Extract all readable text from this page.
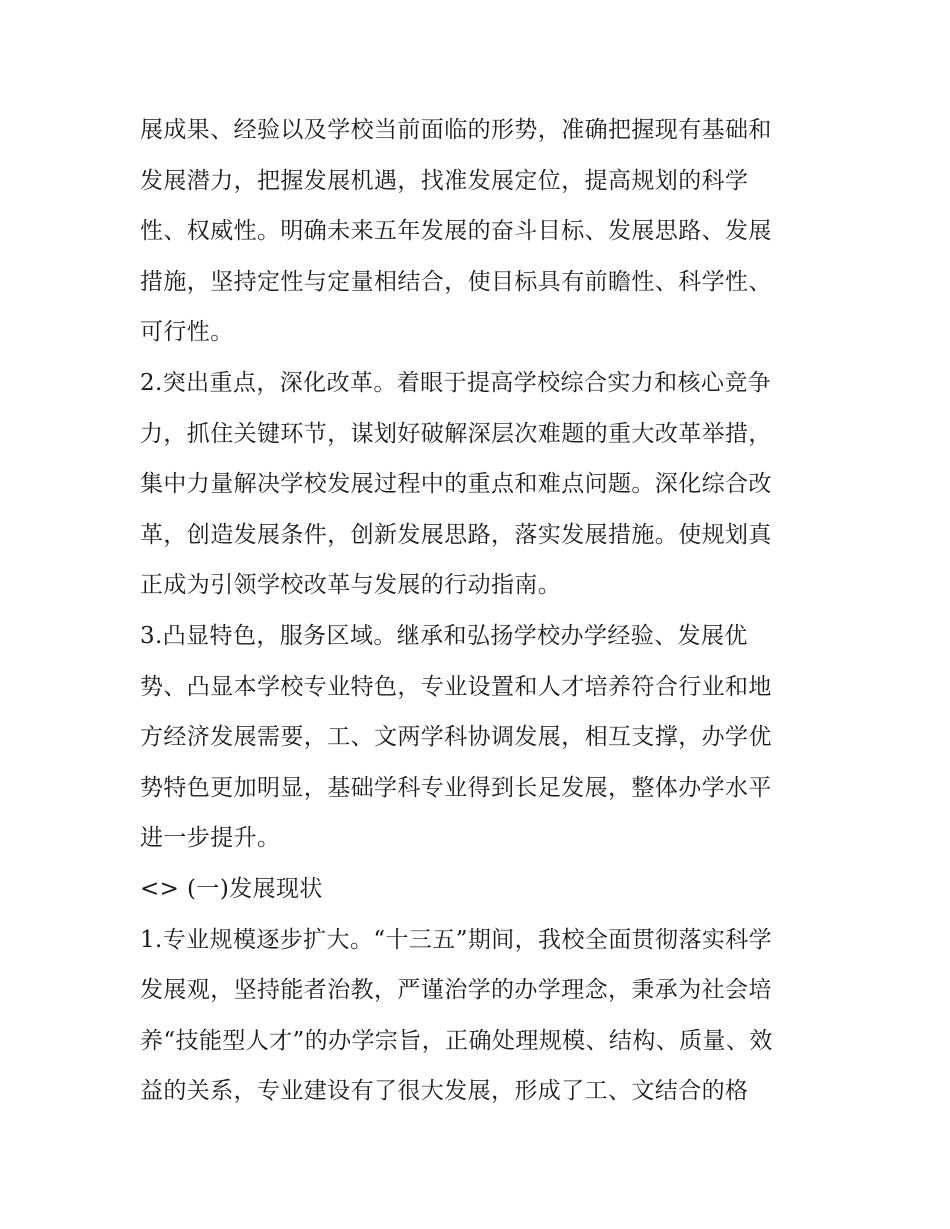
展成果、经验以及学校当前面临的形势，准确把握现有基础和
发展潜力，把握发展机遇，找准发展定位，提高规划的科学
性、权威性。明确未来五年发展的奋斗目标、发展思路、发展
措施，坚持定性与定量相结合，使目标具有前瞻性、科学性、
可行性。
2.突出重点，深化改革。着眼于提高学校综合实力和核心竞争
力，抓住关键环节，谋划好破解深层次难题的重大改革举措，
集中力量解决学校发展过程中的重点和难点问题。深化综合改
革，创造发展条件，创新发展思路，落实发展措施。使规划真
正成为引领学校改革与发展的行动指南。
3.凸显特色，服务区域。继承和弘扬学校办学经验、发展优
势、凸显本学校专业特色，专业设置和人才培养符合行业和地
方经济发展需要，工、文两学科协调发展，相互支撑，办学优
势特色更加明显，基础学科专业得到长足发展，整体办学水平
进一步提升。
<> (一)发展现状
1.专业规模逐步扩大。“十三五”期间，我校全面贯彻落实科学
发展观，坚持能者治教，严谨治学的办学理念，秉承为社会培
养“技能型人才”的办学宗旨，正确处理规模、结构、质量、效
益的关系，专业建设有了很大发展，形成了工、文结合的格
